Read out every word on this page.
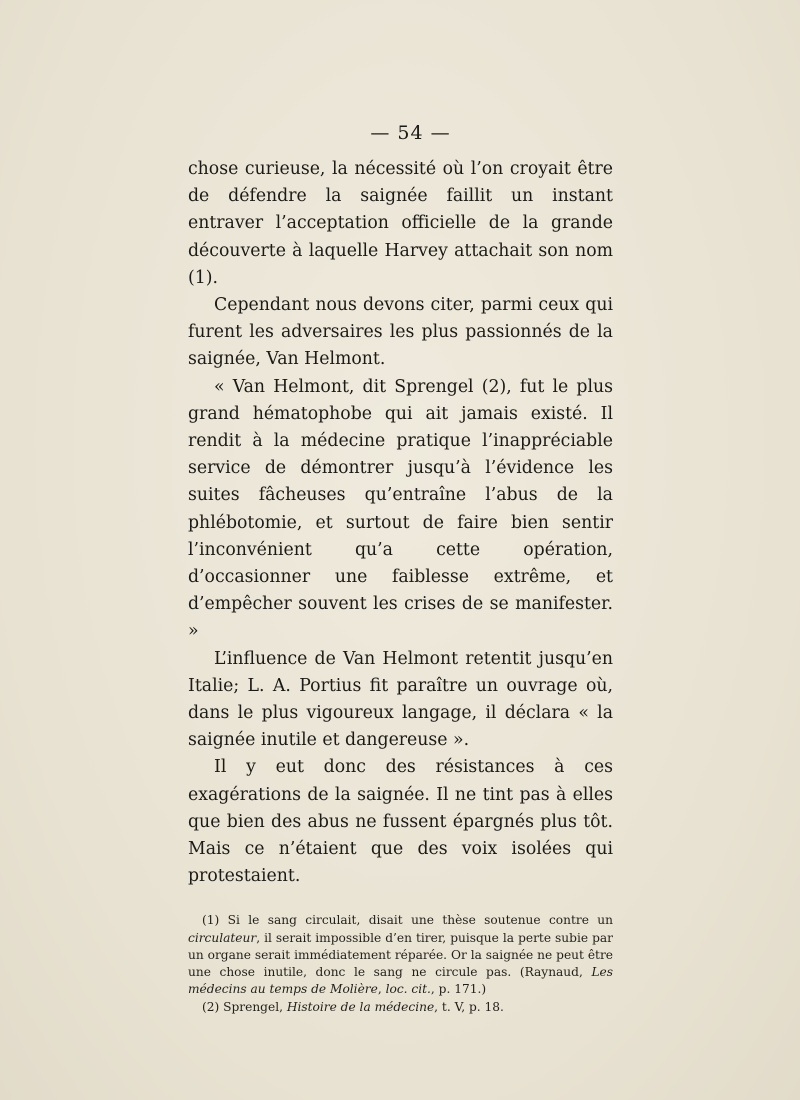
— 54 —

chose curieuse, la nécessité où l’on croyait être de défendre la saignée faillit un instant entraver l’acceptation officielle de la grande découverte à laquelle Harvey attachait son nom (1).

Cependant nous devons citer, parmi ceux qui furent les adversaires les plus passionnés de la saignée, Van Helmont.

« Van Helmont, dit Sprengel (2), fut le plus grand hématophobe qui ait jamais existé. Il rendit à la médecine pratique l’inappréciable service de démontrer jusqu’à l’évidence les suites fâcheuses qu’entraîne l’abus de la phlébotomie, et surtout de faire bien sentir l’inconvénient qu’a cette opération, d’occasionner une faiblesse extrême, et d’empêcher souvent les crises de se manifester. »

L’influence de Van Helmont retentit jusqu’en Italie; L. A. Portius fit paraître un ouvrage où, dans le plus vigoureux langage, il déclara « la saignée inutile et dangereuse ».

Il y eut donc des résistances à ces exagérations de la saignée. Il ne tint pas à elles que bien des abus ne fussent épargnés plus tôt. Mais ce n’étaient que des voix isolées qui protestaient.

(1) Si le sang circulait, disait une thèse soutenue contre un circulateur, il serait impossible d’en tirer, puisque la perte subie par un organe serait immédiatement réparée. Or la saignée ne peut être une chose inutile, donc le sang ne circule pas. (Raynaud, Les médecins au temps de Molière, loc. cit., p. 171.)

(2) Sprengel, Histoire de la médecine, t. V, p. 18.
